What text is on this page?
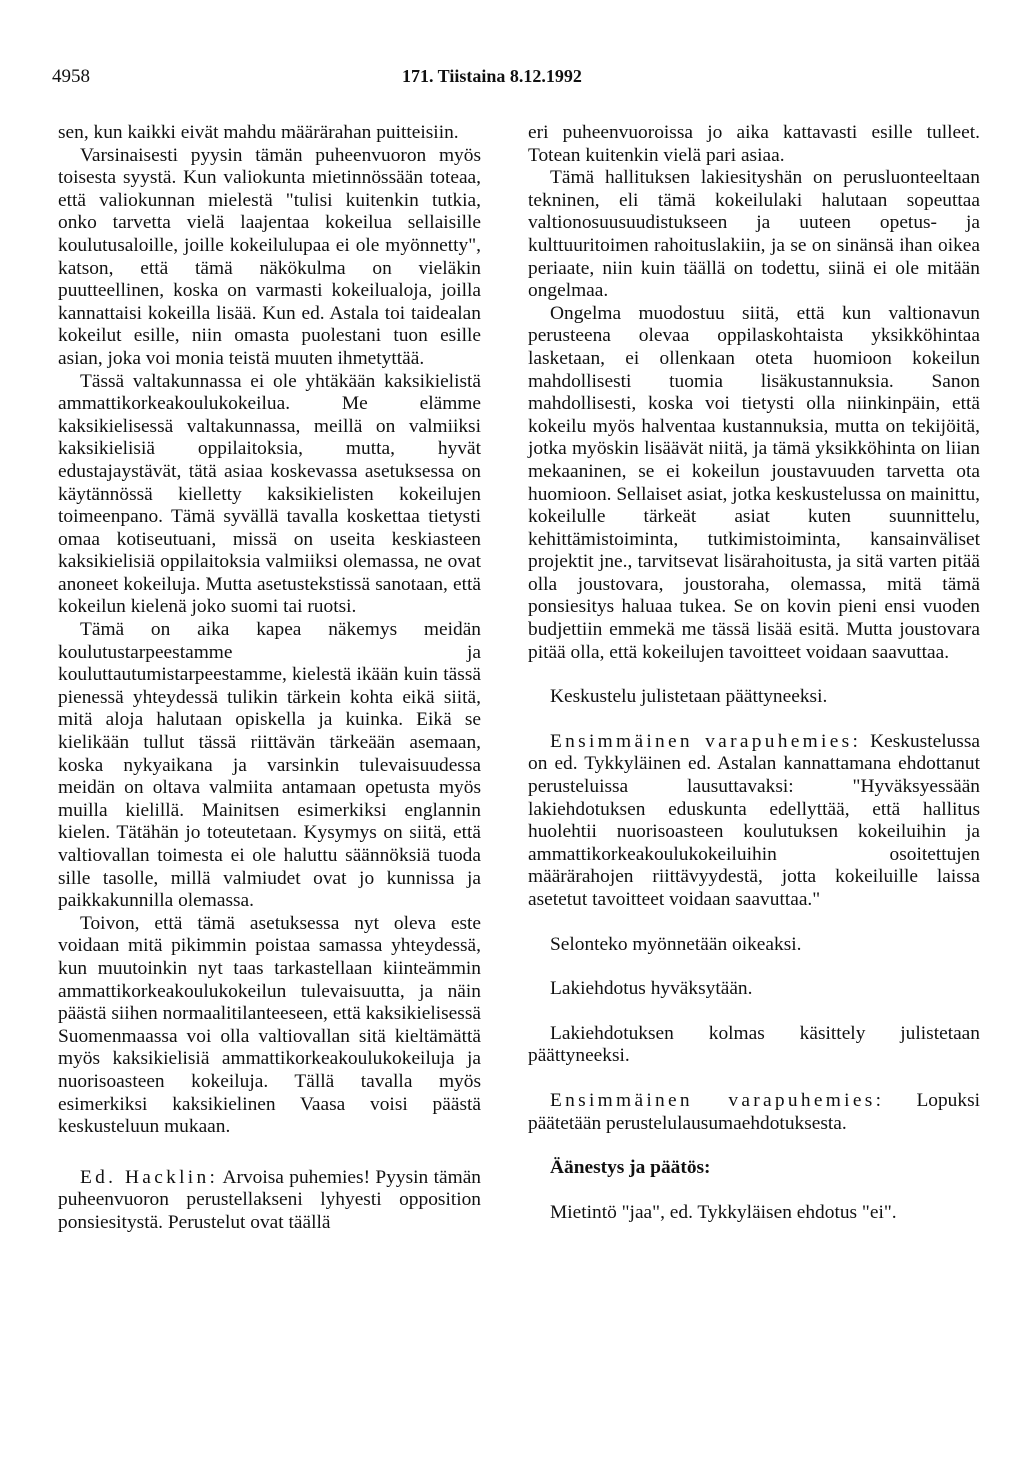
4958	171. Tiistaina 8.12.1992

sen, kun kaikki eivät mahdu määrärahan puitteisiin.

Varsinaisesti pyysin tämän puheenvuoron myös toisesta syystä. Kun valiokunta mietinnössään toteaa, että valiokunnan mielestä "tulisi kuitenkin tutkia, onko tarvetta vielä laajentaa kokeilua sellaisille koulutusaloille, joille kokeilulupaa ei ole myönnetty", katson, että tämä näkökulma on vieläkin puutteellinen, koska on varmasti kokeilualoja, joilla kannattaisi kokeilla lisää. Kun ed. Astala toi taidealan kokeilut esille, niin omasta puolestani tuon esille asian, joka voi monia teistä muuten ihmetyttää.

Tässä valtakunnassa ei ole yhtäkään kaksikielistä ammattikorkeakoulukokeilua. Me elämme kaksikielisessä valtakunnassa, meillä on valmiiksi kaksikielisiä oppilaitoksia, mutta, hyvät edustajaystävät, tätä asiaa koskevassa asetuksessa on käytännössä kielletty kaksikielisten kokeilujen toimeenpano. Tämä syvällä tavalla koskettaa tietysti omaa kotiseutuani, missä on useita keskiasteen kaksikielisiä oppilaitoksia valmiiksi olemassa, ne ovat anoneet kokeiluja. Mutta asetustekstissä sanotaan, että kokeilun kielenä joko suomi tai ruotsi.

Tämä on aika kapea näkemys meidän koulutustarpeestamme ja kouluttautumistarpeestamme, kielestä ikään kuin tässä pienessä yhteydessä tulikin tärkein kohta eikä siitä, mitä aloja halutaan opiskella ja kuinka. Eikä se kielikään tullut tässä riittävän tärkeään asemaan, koska nykyaikana ja varsinkin tulevaisuudessa meidän on oltava valmiita antamaan opetusta myös muilla kielillä. Mainitsen esimerkiksi englannin kielen. Tätähän jo toteutetaan. Kysymys on siitä, että valtiovallan toimesta ei ole haluttu säännöksiä tuoda sille tasolle, millä valmiudet ovat jo kunnissa ja paikkakunnilla olemassa.

Toivon, että tämä asetuksessa nyt oleva este voidaan mitä pikimmin poistaa samassa yhteydessä, kun muutoinkin nyt taas tarkastellaan kiinteämmin ammattikorkeakoulukokeilun tulevaisuutta, ja näin päästä siihen normaalitilanteeseen, että kaksikielisessä Suomenmaassa voi olla valtiovallan sitä kieltämättä myös kaksikielisiä ammattikorkeakoulukokeiluja ja nuorisoasteen kokeiluja. Tällä tavalla myös esimerkiksi kaksikielinen Vaasa voisi päästä keskusteluun mukaan.

Ed. Hacklin: Arvoisa puhemies! Pyysin tämän puheenvuoron perustellakseni lyhyesti opposition ponsiesitystä. Perustelut ovat täällä

eri puheenvuoroissa jo aika kattavasti esille tulleet. Totean kuitenkin vielä pari asiaa.

Tämä hallituksen lakiesityshän on perusluonteeltaan tekninen, eli tämä kokeilulaki halutaan sopeuttaa valtionosuusuudistukseen ja uuteen opetus- ja kulttuuritoimen rahoituslakiin, ja se on sinänsä ihan oikea periaate, niin kuin täällä on todettu, siinä ei ole mitään ongelmaa.

Ongelma muodostuu siitä, että kun valtionavun perusteena olevaa oppilaskohtaista yksikköhintaa lasketaan, ei ollenkaan oteta huomioon kokeilun mahdollisesti tuomia lisäkustannuksia. Sanon mahdollisesti, koska voi tietysti olla niinkinpäin, että kokeilu myös halventaa kustannuksia, mutta on tekijöitä, jotka myöskin lisäävät niitä, ja tämä yksikköhinta on liian mekaaninen, se ei kokeilun joustavuuden tarvetta ota huomioon. Sellaiset asiat, jotka keskustelussa on mainittu, kokeilulle tärkeät asiat kuten suunnittelu, kehittämistoiminta, tutkimistoiminta, kansainväliset projektit jne., tarvitsevat lisärahoitusta, ja sitä varten pitää olla joustovara, joustoraha, olemassa, mitä tämä ponsiesitys haluaa tukea. Se on kovin pieni ensi vuoden budjettiin emmekä me tässä lisää esitä. Mutta joustovara pitää olla, että kokeilujen tavoitteet voidaan saavuttaa.

Keskustelu julistetaan päättyneeksi.

Ensimmäinen varapuhemies: Keskustelussa on ed. Tykkyläinen ed. Astalan kannattamana ehdottanut perusteluissa lausuttavaksi: "Hyväksyessään lakiehdotuksen eduskunta edellyttää, että hallitus huolehtii nuorisoasteen koulutuksen kokeiluihin ja ammattikorkeakoulukokeiluihin osoitettujen määrärahojen riittävyydestä, jotta kokeiluille laissa asetetut tavoitteet voidaan saavuttaa."

Selonteko myönnetään oikeaksi.

Lakiehdotus hyväksytään.

Lakiehdotuksen kolmas käsittely julistetaan päättyneeksi.

Ensimmäinen varapuhemies: Lopuksi päätetään perustelulausumaehdotuksesta.

Äänestys ja päätös:

Mietintö "jaa", ed. Tykkyläisen ehdotus "ei".
